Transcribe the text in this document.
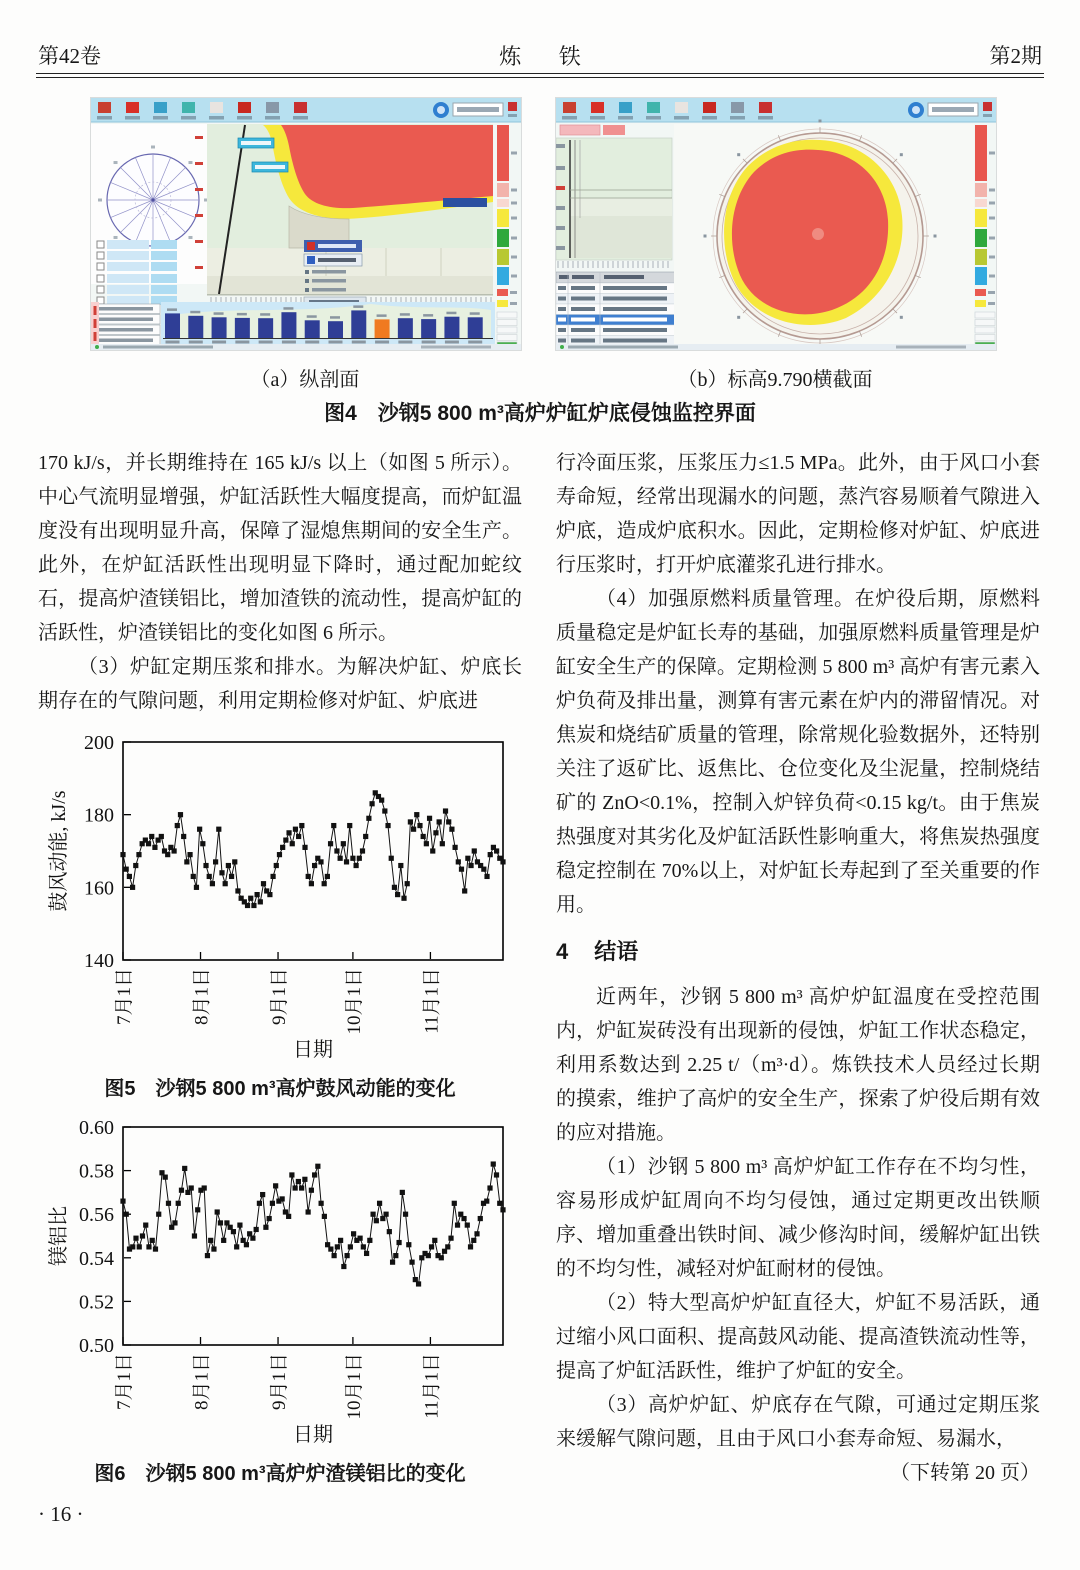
第42卷	炼 铁	第2期
（a）纵剖面	（b）标高9.790横截面
图4　沙钢5 800 m³高炉炉缸炉底侵蚀监控界面

170 kJ/s，并长期维持在 165 kJ/s 以上（如图 5 所示）。中心气流明显增强，炉缸活跃性大幅度提高，而炉缸温度没有出现明显升高，保障了湿熄焦期间的安全生产。此外，在炉缸活跃性出现明显下降时，通过配加蛇纹石，提高炉渣镁铝比，增加渣铁的流动性，提高炉缸的活跃性，炉渣镁铝比的变化如图 6 所示。

（3）炉缸定期压浆和排水。为解决炉缸、炉底长期存在的气隙问题，利用定期检修对炉缸、炉底进

140
160
180
200
7月1日	8月1日	9月1日	10月1日	11月1日
鼓风动能, kJ/s
日期
图5　沙钢5 800 m³高炉鼓风动能的变化
0.50
0.52
0.54
0.56
0.58
0.60
7月1日	8月1日	9月1日	10月1日	11月1日
镁铝比
日期
图6　沙钢5 800 m³高炉炉渣镁铝比的变化

行冷面压浆，压浆压力≤1.5 MPa。此外，由于风口小套寿命短，经常出现漏水的问题，蒸汽容易顺着气隙进入炉底，造成炉底积水。因此，定期检修对炉缸、炉底进行压浆时，打开炉底灌浆孔进行排水。

（4）加强原燃料质量管理。在炉役后期，原燃料质量稳定是炉缸长寿的基础，加强原燃料质量管理是炉缸安全生产的保障。定期检测 5 800 m³ 高炉有害元素入炉负荷及排出量，测算有害元素在炉内的滞留情况。对焦炭和烧结矿质量的管理，除常规化验数据外，还特别关注了返矿比、返焦比、仓位变化及尘泥量，控制烧结矿的 ZnO<0.1%，控制入炉锌负荷<0.15 kg/t。由于焦炭热强度对其劣化及炉缸活跃性影响重大，将焦炭热强度稳定控制在 70%以上，对炉缸长寿起到了至关重要的作用。

4 结语

近两年，沙钢 5 800 m³ 高炉炉缸温度在受控范围内，炉缸炭砖没有出现新的侵蚀，炉缸工作状态稳定，利用系数达到 2.25 t/（m³·d）。炼铁技术人员经过长期的摸索，维护了高炉的安全生产，探索了炉役后期有效的应对措施。

（1）沙钢 5 800 m³ 高炉炉缸工作存在不均匀性，容易形成炉缸周向不均匀侵蚀，通过定期更改出铁顺序、增加重叠出铁时间、减少修沟时间，缓解炉缸出铁的不均匀性，减轻对炉缸耐材的侵蚀。

（2）特大型高炉炉缸直径大，炉缸不易活跃，通过缩小风口面积、提高鼓风动能、提高渣铁流动性等，提高了炉缸活跃性，维护了炉缸的安全。

（3）高炉炉缸、炉底存在气隙，可通过定期压浆来缓解气隙问题，且由于风口小套寿命短、易漏水，

（下转第 20 页）

· 16 ·
